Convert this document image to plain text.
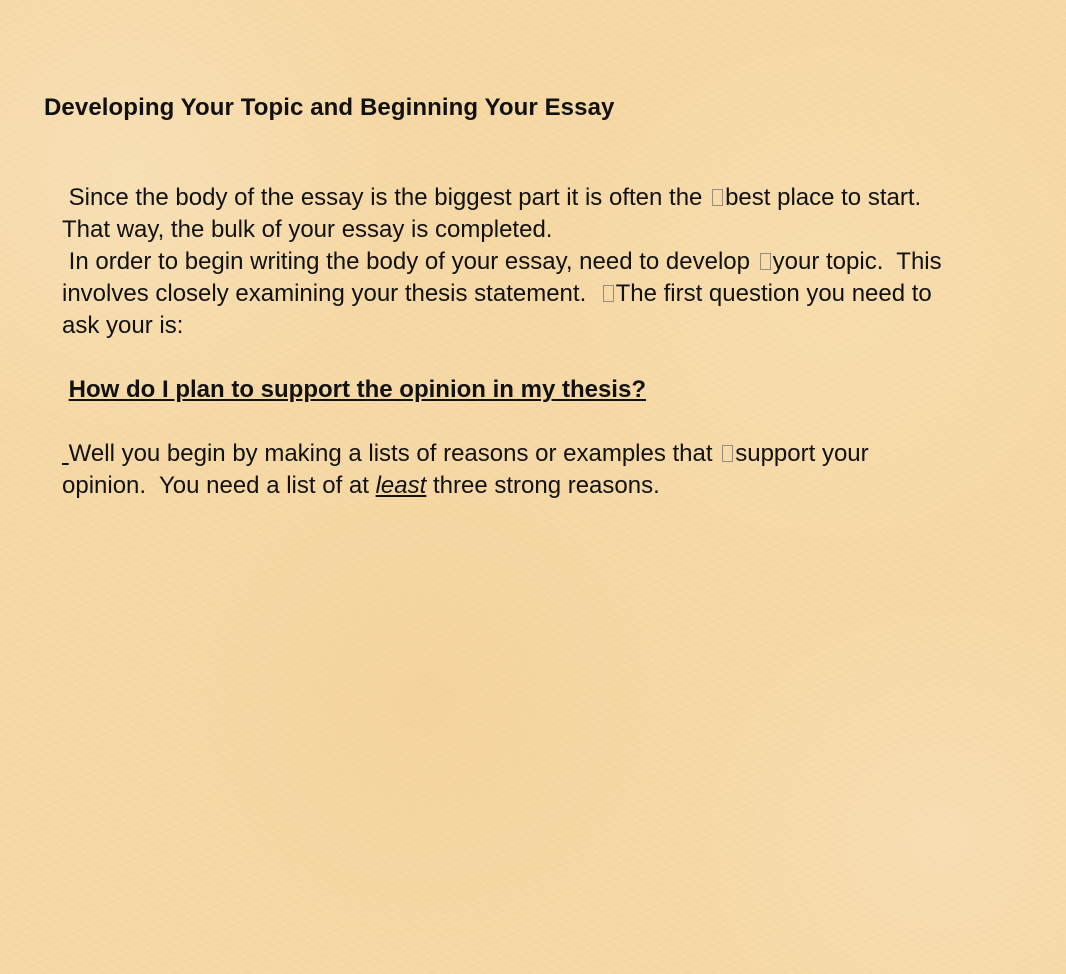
Developing Your Topic and Beginning Your Essay
Since the body of the essay is the biggest part it is often the best place to start.
That way, the bulk of your essay is completed.
In order to begin writing the body of your essay, need to develop your topic.  This
involves closely examining your thesis statement.  The first question you need to
ask your is:
How do I plan to support the opinion in my thesis?
Well you begin by making a lists of reasons or examples that support your
opinion.  You need a list of at least three strong reasons.
